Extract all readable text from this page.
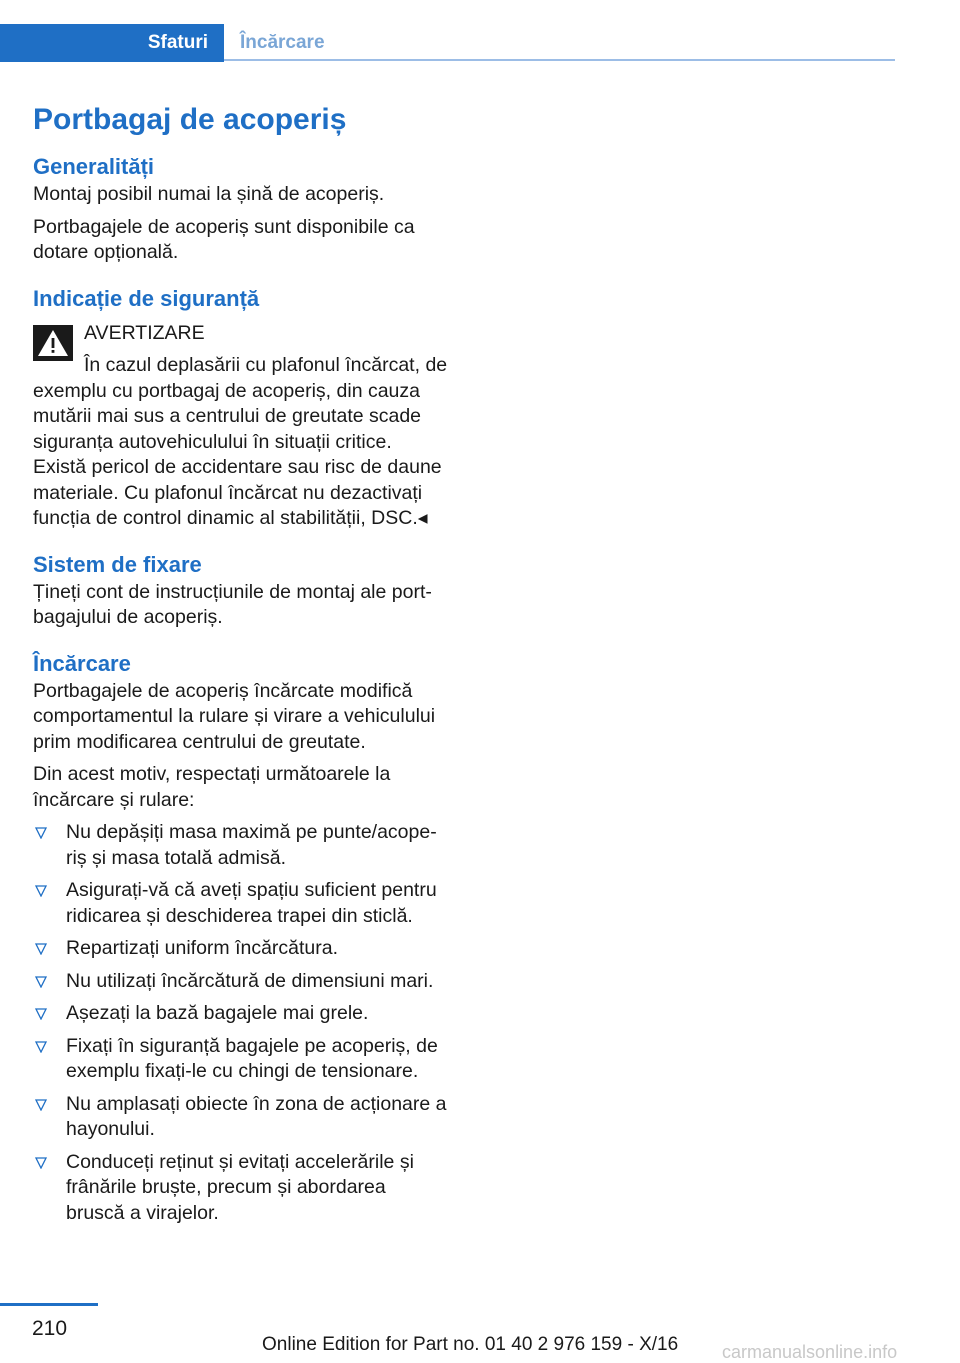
Sfaturi	Încărcare
Portbagaj de acoperiș
Generalități

Montaj posibil numai la șină de acoperiș.

Portbagajele de acoperiș sunt disponibile ca dotare opțională.

Indicație de siguranță

AVERTIZARE

În cazul deplasării cu plafonul încărcat, de exemplu cu portbagaj de acoperiș, din cauza mutării mai sus a centrului de greutate scade siguranța autovehiculului în situații critice. Există pericol de accidentare sau risc de daune materiale. Cu plafonul încărcat nu dezactivați funcția de control dinamic al stabilității, DSC.◂

Sistem de fixare

Țineți cont de instrucțiunile de montaj ale portbagajului de acoperiș.

Încărcare

Portbagajele de acoperiș încărcate modifică comportamentul la rulare și virare a vehiculului prim modificarea centrului de greutate.

Din acest motiv, respectați următoarele la încărcare și rulare:

Nu depășiți masa maximă pe punte/acoperiș și masa totală admisă.
Asigurați-vă că aveți spațiu suficient pentru ridicarea și deschiderea trapei din sticlă.
Repartizați uniform încărcătura.
Nu utilizați încărcătură de dimensiuni mari.
Așezați la bază bagajele mai grele.
Fixați în siguranță bagajele pe acoperiș, de exemplu fixați-le cu chingi de tensionare.
Nu amplasați obiecte în zona de acționare a hayonului.
Conduceți reținut și evitați accelerările și frânările bruște, precum și abordarea bruscă a virajelor.
210
Online Edition for Part no. 01 40 2 976 159 - X/16 carmanualsonline.info
